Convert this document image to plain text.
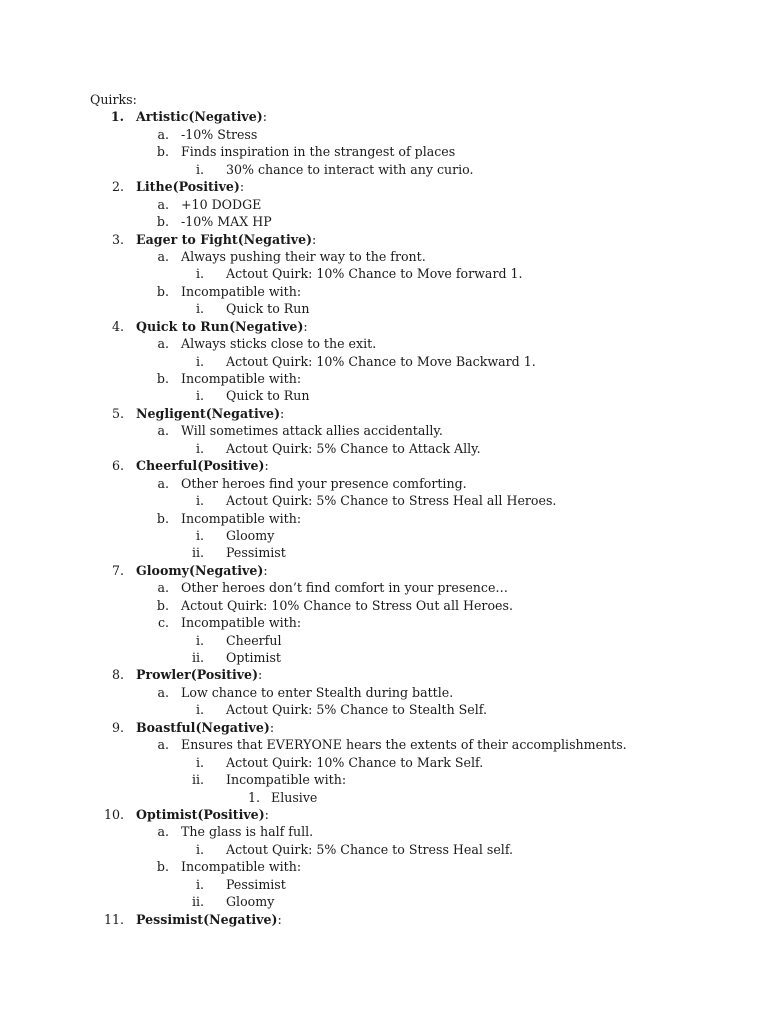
Quirks:
1. Artistic(Negative):
a. -10% Stress
b. Finds inspiration in the strangest of places
i. 30% chance to interact with any curio.
2. Lithe(Positive):
a. +10 DODGE
b. -10% MAX HP
3. Eager to Fight(Negative):
a. Always pushing their way to the front.
i. Actout Quirk: 10% Chance to Move forward 1.
b. Incompatible with:
i. Quick to Run
4. Quick to Run(Negative):
a. Always sticks close to the exit.
i. Actout Quirk: 10% Chance to Move Backward 1.
b. Incompatible with:
i. Quick to Run
5. Negligent(Negative):
a. Will sometimes attack allies accidentally.
i. Actout Quirk: 5% Chance to Attack Ally.
6. Cheerful(Positive):
a. Other heroes find your presence comforting.
i. Actout Quirk: 5% Chance to Stress Heal all Heroes.
b. Incompatible with:
i. Gloomy
ii. Pessimist
7. Gloomy(Negative):
a. Other heroes don’t find comfort in your presence…
b. Actout Quirk: 10% Chance to Stress Out all Heroes.
c. Incompatible with:
i. Cheerful
ii. Optimist
8. Prowler(Positive):
a. Low chance to enter Stealth during battle.
i. Actout Quirk: 5% Chance to Stealth Self.
9. Boastful(Negative):
a. Ensures that EVERYONE hears the extents of their accomplishments.
i. Actout Quirk: 10% Chance to Mark Self.
ii. Incompatible with:
1. Elusive
10. Optimist(Positive):
a. The glass is half full.
i. Actout Quirk: 5% Chance to Stress Heal self.
b. Incompatible with:
i. Pessimist
ii. Gloomy
11. Pessimist(Negative):
